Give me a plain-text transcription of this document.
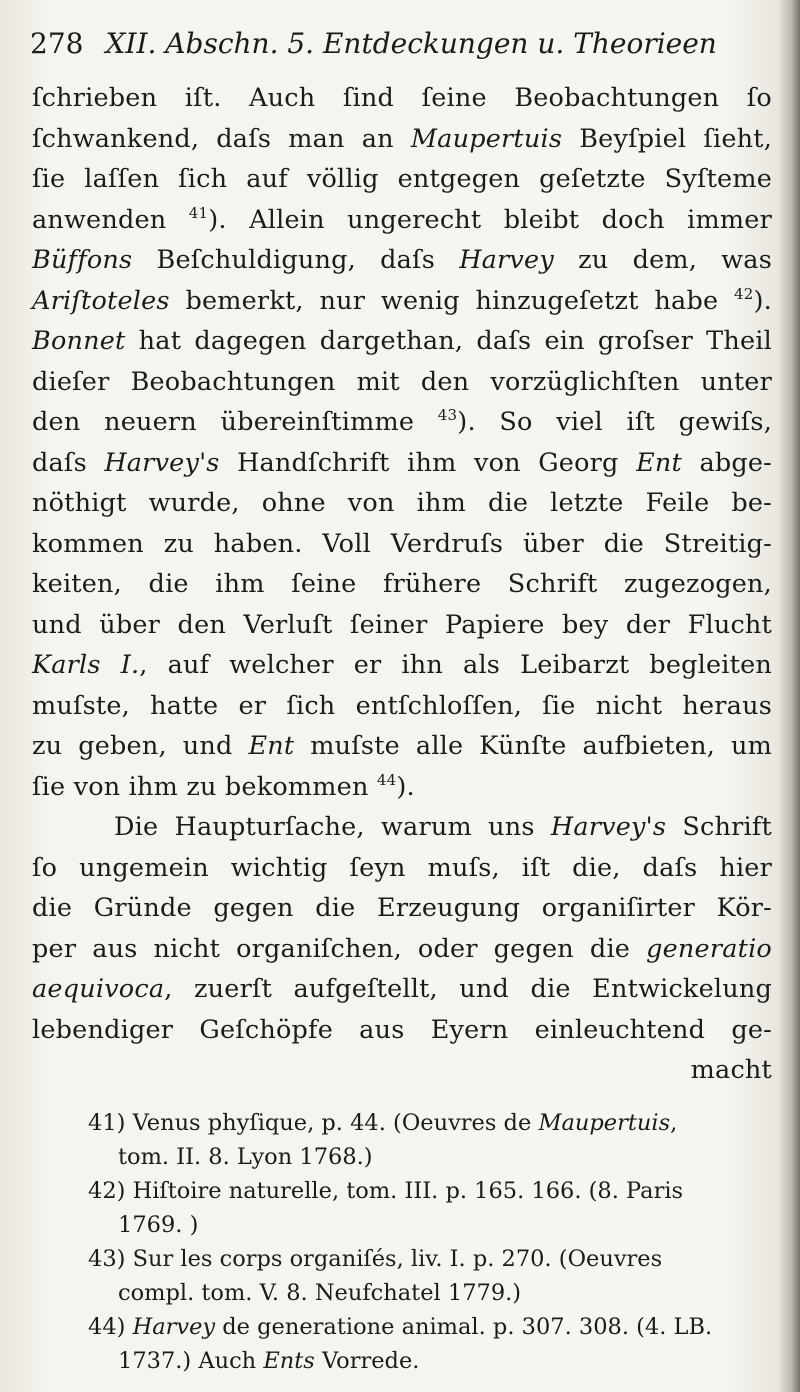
278 XII. Abschn. 5. Entdeckungen u. Theorieen
ſchrieben iſt. Auch ſind ſeine Beobachtungen ſo
ſchwankend, daſs man an Maupertuis Beyſpiel ſieht,
ſie laſſen ſich auf völlig entgegen geſetzte Syſteme
anwenden $^{41}$). Allein ungerecht bleibt doch immer
Büffons Beſchuldigung, daſs Harvey zu dem, was
Ariſtoteles bemerkt, nur wenig hinzugeſetzt habe $^{42}$).
Bonnet hat dagegen dargethan, daſs ein groſser Theil
dieſer Beobachtungen mit den vorzüglichſten unter
den neuern übereinſtimme $^{43}$). So viel iſt gewiſs,
daſs Harvey's Handſchrift ihm von Georg Ent abge-
nöthigt wurde, ohne von ihm die letzte Feile be-
kommen zu haben. Voll Verdruſs über die Streitig-
keiten, die ihm ſeine frühere Schrift zugezogen,
und über den Verluſt ſeiner Papiere bey der Flucht
Karls I., auf welcher er ihn als Leibarzt begleiten
muſste, hatte er ſich entſchloſſen, ſie nicht heraus
zu geben, und Ent muſste alle Künſte aufbieten, um
ſie von ihm zu bekommen $^{44}$).
Die Haupturſache, warum uns Harvey's Schrift
ſo ungemein wichtig ſeyn muſs, iſt die, daſs hier
die Gründe gegen die Erzeugung organiſirter Kör-
per aus nicht organiſchen, oder gegen die generatio
aequivoca, zuerſt aufgeſtellt, und die Entwickelung
lebendiger Geſchöpfe aus Eyern einleuchtend ge-
macht
41) Venus phyſique, p. 44. (Oeuvres de Maupertuis,
tom. II. 8. Lyon 1768.)
42) Hiſtoire naturelle, tom. III. p. 165. 166. (8. Paris
1769. )
43) Sur les corps organiſés, liv. I. p. 270. (Oeuvres
compl. tom. V. 8. Neufchatel 1779.)
44) Harvey de generatione animal. p. 307. 308. (4. LB.
1737.) Auch Ents Vorrede.
